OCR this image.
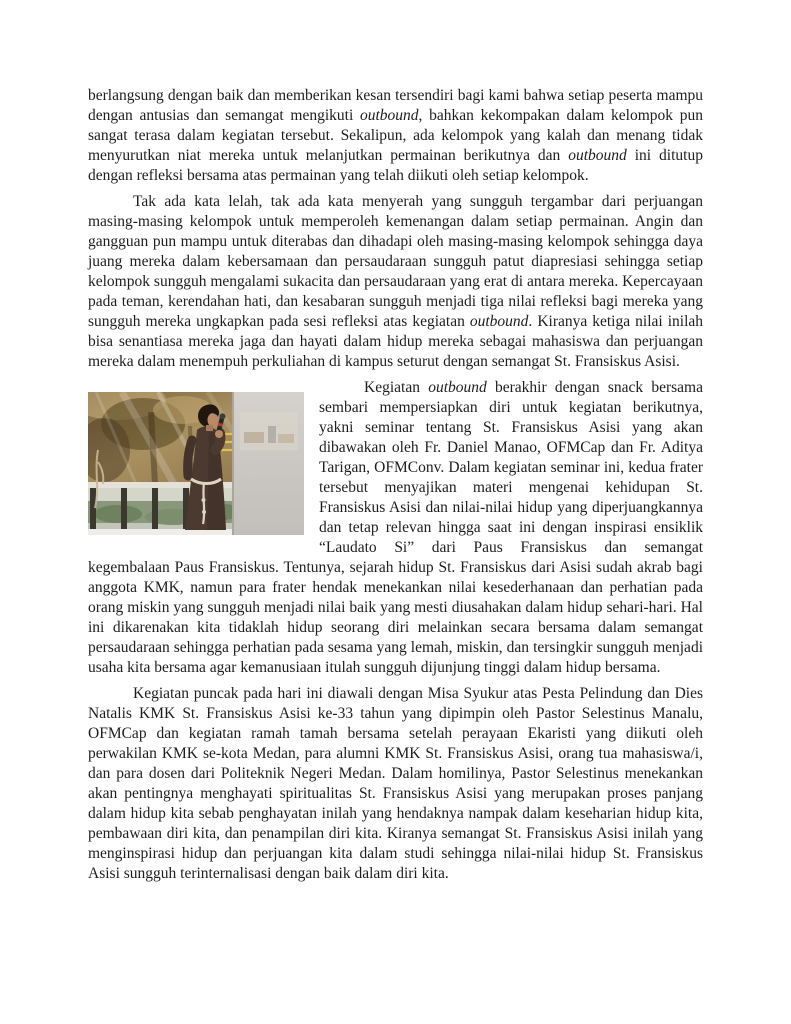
berlangsung dengan baik dan memberikan kesan tersendiri bagi kami bahwa setiap peserta mampu dengan antusias dan semangat mengikuti outbound, bahkan kekompakan dalam kelompok pun sangat terasa dalam kegiatan tersebut. Sekalipun, ada kelompok yang kalah dan menang tidak menyurutkan niat mereka untuk melanjutkan permainan berikutnya dan outbound ini ditutup dengan refleksi bersama atas permainan yang telah diikuti oleh setiap kelompok.

Tak ada kata lelah, tak ada kata menyerah yang sungguh tergambar dari perjuangan masing-masing kelompok untuk memperoleh kemenangan dalam setiap permainan. Angin dan gangguan pun mampu untuk diterabas dan dihadapi oleh masing-masing kelompok sehingga daya juang mereka dalam kebersamaan dan persaudaraan sungguh patut diapresiasi sehingga setiap kelompok sungguh mengalami sukacita dan persaudaraan yang erat di antara mereka. Kepercayaan pada teman, kerendahan hati, dan kesabaran sungguh menjadi tiga nilai refleksi bagi mereka yang sungguh mereka ungkapkan pada sesi refleksi atas kegiatan outbound. Kiranya ketiga nilai inilah bisa senantiasa mereka jaga dan hayati dalam hidup mereka sebagai mahasiswa dan perjuangan mereka dalam menempuh perkuliahan di kampus seturut dengan semangat St. Fransiskus Asisi.

Kegiatan outbound berakhir dengan snack bersama sembari mempersiapkan diri untuk kegiatan berikutnya, yakni seminar tentang St. Fransiskus Asisi yang akan dibawakan oleh Fr. Daniel Manao, OFMCap dan Fr. Aditya Tarigan, OFMConv. Dalam kegiatan seminar ini, kedua frater tersebut menyajikan materi mengenai kehidupan St. Fransiskus Asisi dan nilai-nilai hidup yang diperjuangkannya dan tetap relevan hingga saat ini dengan inspirasi ensiklik “Laudato Si” dari Paus Fransiskus dan semangat kegembalaan Paus Fransiskus. Tentunya, sejarah hidup St. Fransiskus dari Asisi sudah akrab bagi anggota KMK, namun para frater hendak menekankan nilai kesederhanaan dan perhatian pada orang miskin yang sungguh menjadi nilai baik yang mesti diusahakan dalam hidup sehari-hari. Hal ini dikarenakan kita tidaklah hidup seorang diri melainkan secara bersama dalam semangat persaudaraan sehingga perhatian pada sesama yang lemah, miskin, dan tersingkir sungguh menjadi usaha kita bersama agar kemanusiaan itulah sungguh dijunjung tinggi dalam hidup bersama.

Kegiatan puncak pada hari ini diawali dengan Misa Syukur atas Pesta Pelindung dan Dies Natalis KMK St. Fransiskus Asisi ke-33 tahun yang dipimpin oleh Pastor Selestinus Manalu, OFMCap dan kegiatan ramah tamah bersama setelah perayaan Ekaristi yang diikuti oleh perwakilan KMK se-kota Medan, para alumni KMK St. Fransiskus Asisi, orang tua mahasiswa/i, dan para dosen dari Politeknik Negeri Medan. Dalam homilinya, Pastor Selestinus menekankan akan pentingnya menghayati spiritualitas St. Fransiskus Asisi yang merupakan proses panjang dalam hidup kita sebab penghayatan inilah yang hendaknya nampak dalam keseharian hidup kita, pembawaan diri kita, dan penampilan diri kita. Kiranya semangat St. Fransiskus Asisi inilah yang menginspirasi hidup dan perjuangan kita dalam studi sehingga nilai-nilai hidup St. Fransiskus Asisi sungguh terinternalisasi dengan baik dalam diri kita.
